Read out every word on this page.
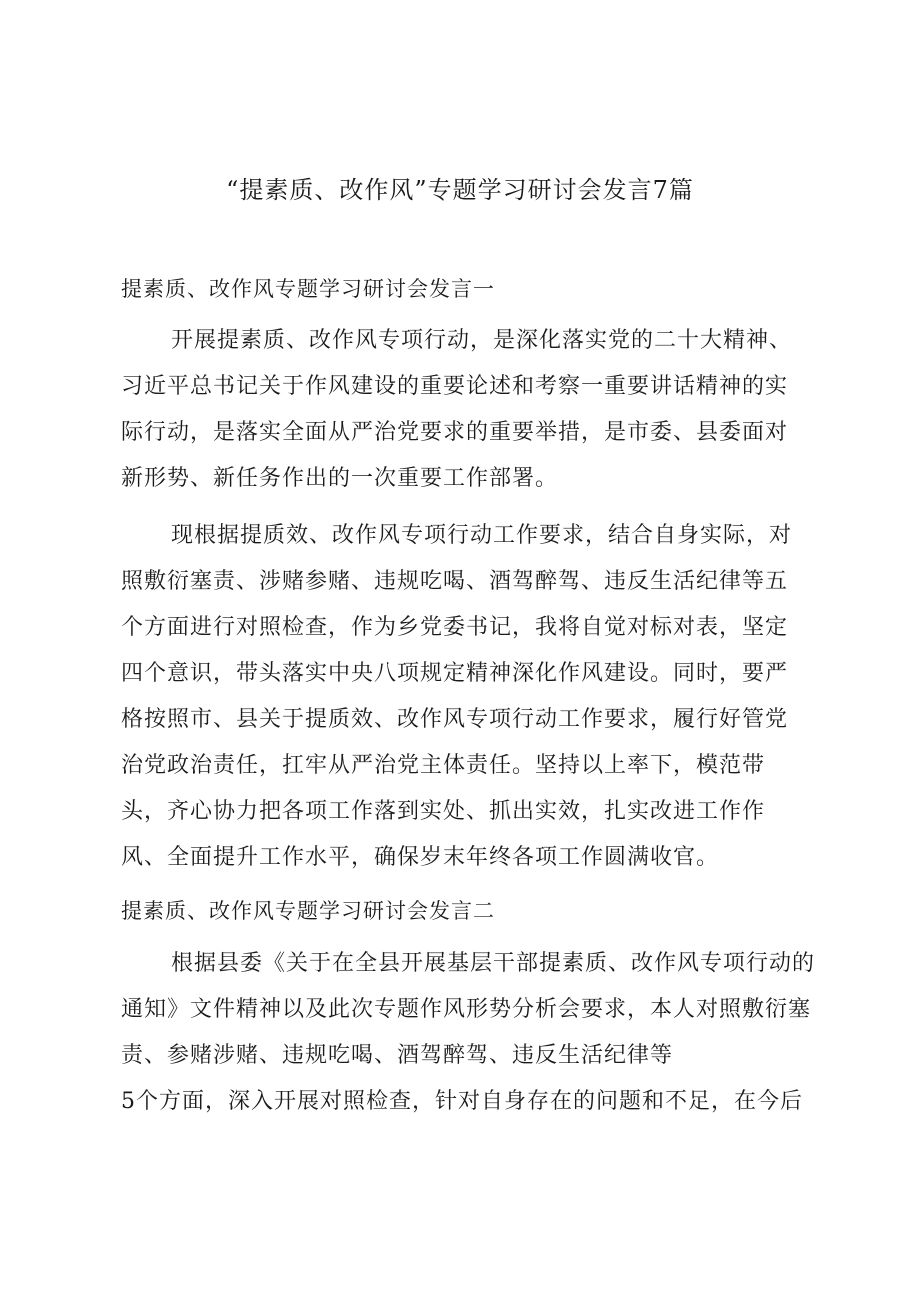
“提素质、改作风”专题学习研讨会发言7篇

提素质、改作风专题学习研讨会发言一

开展提素质、改作风专项行动，是深化落实党的二十大精神、

习近平总书记关于作风建设的重要论述和考察一重要讲话精神的实

际行动，是落实全面从严治党要求的重要举措，是市委、县委面对

新形势、新任务作出的一次重要工作部署。

现根据提质效、改作风专项行动工作要求，结合自身实际，对

照敷衍塞责、涉赌参赌、违规吃喝、酒驾醉驾、违反生活纪律等五

个方面进行对照检查，作为乡党委书记，我将自觉对标对表，坚定

四个意识，带头落实中央八项规定精神深化作风建设。同时，要严

格按照市、县关于提质效、改作风专项行动工作要求，履行好管党

治党政治责任，扛牢从严治党主体责任。坚持以上率下，模范带

头，齐心协力把各项工作落到实处、抓出实效，扎实改进工作作

风、全面提升工作水平，确保岁末年终各项工作圆满收官。

提素质、改作风专题学习研讨会发言二

根据县委《关于在全县开展基层干部提素质、改作风专项行动的

通知》文件精神以及此次专题作风形势分析会要求，本人对照敷衍塞

责、参赌涉赌、违规吃喝、酒驾醉驾、违反生活纪律等

5个方面，深入开展对照检查，针对自身存在的问题和不足，在今后
